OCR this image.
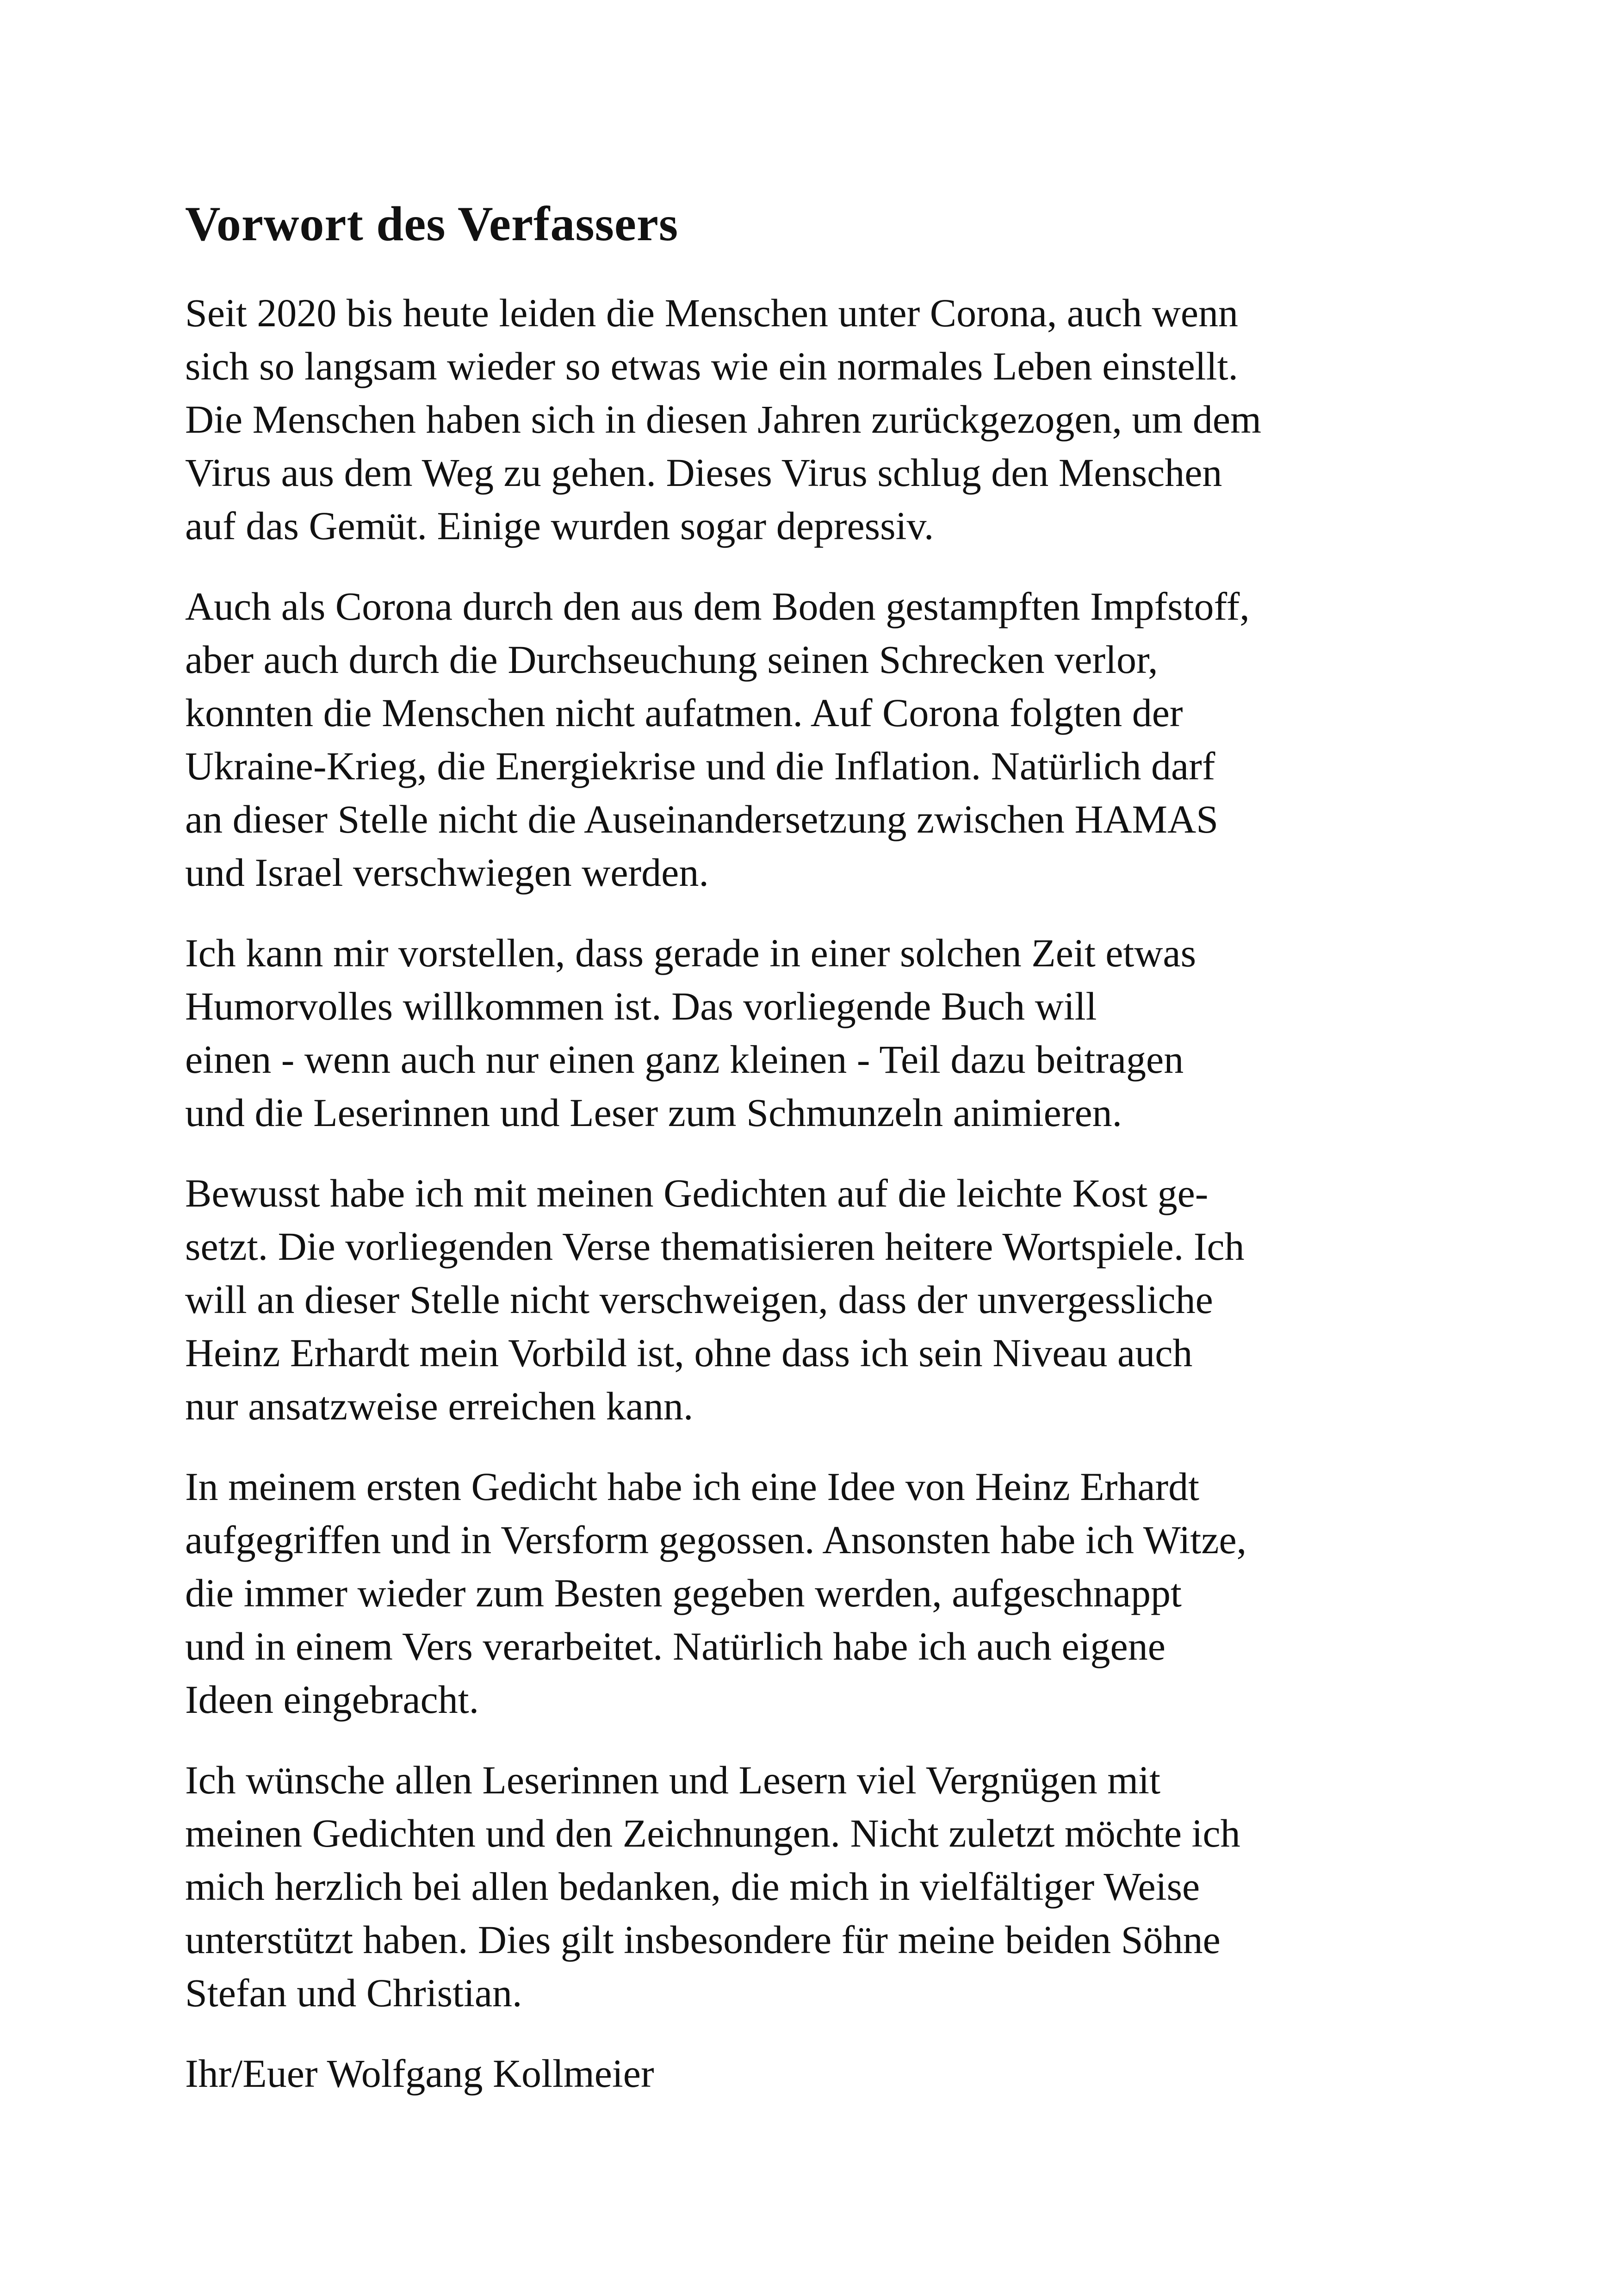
Vorwort des Verfassers

Seit 2020 bis heute leiden die Menschen unter Corona, auch wenn
sich so langsam wieder so etwas wie ein normales Leben einstellt.
Die Menschen haben sich in diesen Jahren zurückgezogen, um dem
Virus aus dem Weg zu gehen. Dieses Virus schlug den Menschen
auf das Gemüt. Einige wurden sogar depressiv.

Auch als Corona durch den aus dem Boden gestampften Impfstoff,
aber auch durch die Durchseuchung seinen Schrecken verlor,
konnten die Menschen nicht aufatmen. Auf Corona folgten der
Ukraine-Krieg, die Energiekrise und die Inflation. Natürlich darf
an dieser Stelle nicht die Auseinandersetzung zwischen HAMAS
und Israel verschwiegen werden.

Ich kann mir vorstellen, dass gerade in einer solchen Zeit etwas
Humorvolles willkommen ist. Das vorliegende Buch will
einen - wenn auch nur einen ganz kleinen - Teil dazu beitragen
und die Leserinnen und Leser zum Schmunzeln animieren.

Bewusst habe ich mit meinen Gedichten auf die leichte Kost ge-
setzt. Die vorliegenden Verse thematisieren heitere Wortspiele. Ich
will an dieser Stelle nicht verschweigen, dass der unvergessliche
Heinz Erhardt mein Vorbild ist, ohne dass ich sein Niveau auch
nur ansatzweise erreichen kann.

In meinem ersten Gedicht habe ich eine Idee von Heinz Erhardt
aufgegriffen und in Versform gegossen. Ansonsten habe ich Witze,
die immer wieder zum Besten gegeben werden, aufgeschnappt
und in einem Vers verarbeitet. Natürlich habe ich auch eigene
Ideen eingebracht.

Ich wünsche allen Leserinnen und Lesern viel Vergnügen mit
meinen Gedichten und den Zeichnungen. Nicht zuletzt möchte ich
mich herzlich bei allen bedanken, die mich in vielfältiger Weise
unterstützt haben. Dies gilt insbesondere für meine beiden Söhne
Stefan und Christian.

Ihr/Euer Wolfgang Kollmeier
